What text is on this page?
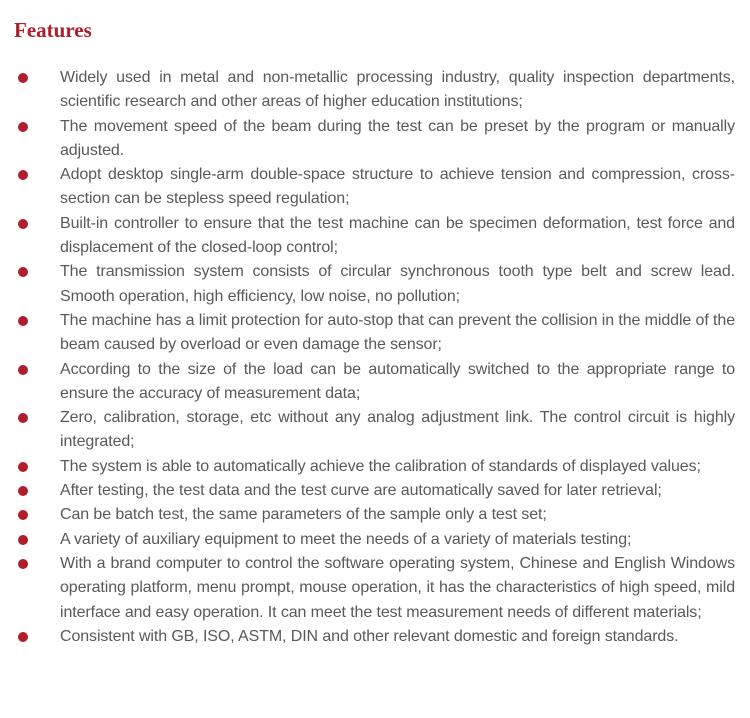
Features
Widely used in metal and non-metallic processing industry, quality inspection departments, scientific research and other areas of higher education institutions;
The movement speed of the beam during the test can be preset by the program or manually adjusted.
Adopt desktop single-arm double-space structure to achieve tension and compression, cross-section can be stepless speed regulation;
Built-in controller to ensure that the test machine can be specimen deformation, test force and displacement of the closed-loop control;
The transmission system consists of circular synchronous tooth type belt and screw lead. Smooth operation, high efficiency, low noise, no pollution;
The machine has a limit protection for auto-stop that can prevent the collision in the middle of the beam caused by overload or even damage the sensor;
According to the size of the load can be automatically switched to the appropriate range to ensure the accuracy of measurement data;
Zero, calibration, storage, etc without any analog adjustment link. The control circuit is highly integrated;
The system is able to automatically achieve the calibration of standards of displayed values;
After testing, the test data and the test curve are automatically saved for later retrieval;
Can be batch test, the same parameters of the sample only a test set;
A variety of auxiliary equipment to meet the needs of a variety of materials testing;
With a brand computer to control the software operating system, Chinese and English Windows operating platform, menu prompt, mouse operation, it has the characteristics of high speed, mild interface and easy operation. It can meet the test measurement needs of different materials;
Consistent with GB, ISO, ASTM, DIN and other relevant domestic and foreign standards.
